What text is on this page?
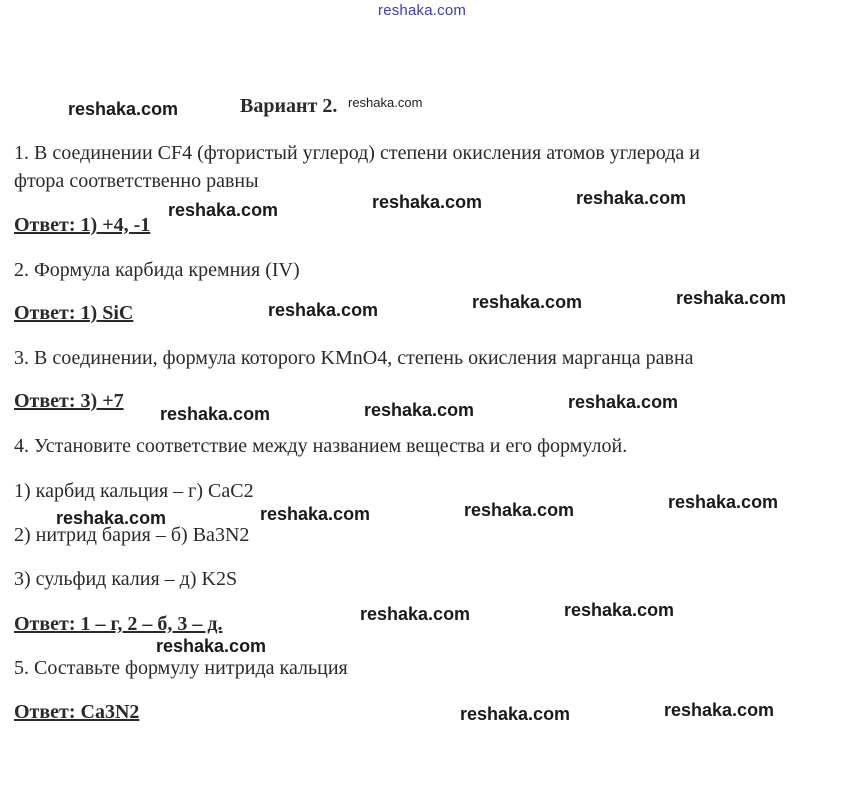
reshaka.com
Вариант 2.
1. В соединении CF4 (фтористый углерод) степени окисления атомов углерода и
фтора соответственно равны
Ответ: 1) +4, -1
2. Формула карбида кремния (IV)
Ответ: 1) SiC
3. В соединении, формула которого KMnO4, степень окисления марганца равна
Ответ: 3) +7
4. Установите соответствие между названием вещества и его формулой.
1) карбид кальция – г) CaC2
2) нитрид бария – б) Ba3N2
3) сульфид калия – д) K2S
Ответ: 1 – г, 2 – б, 3 – д.
5. Составьте формулу нитрида кальция
Ответ: Ca3N2
reshaka.com	reshaka.com
reshaka.com	reshaka.com	reshaka.com
reshaka.com	reshaka.com	reshaka.com
reshaka.com	reshaka.com	reshaka.com
reshaka.com	reshaka.com	reshaka.com	reshaka.com
reshaka.com	reshaka.com
reshaka.com
reshaka.com	reshaka.com
